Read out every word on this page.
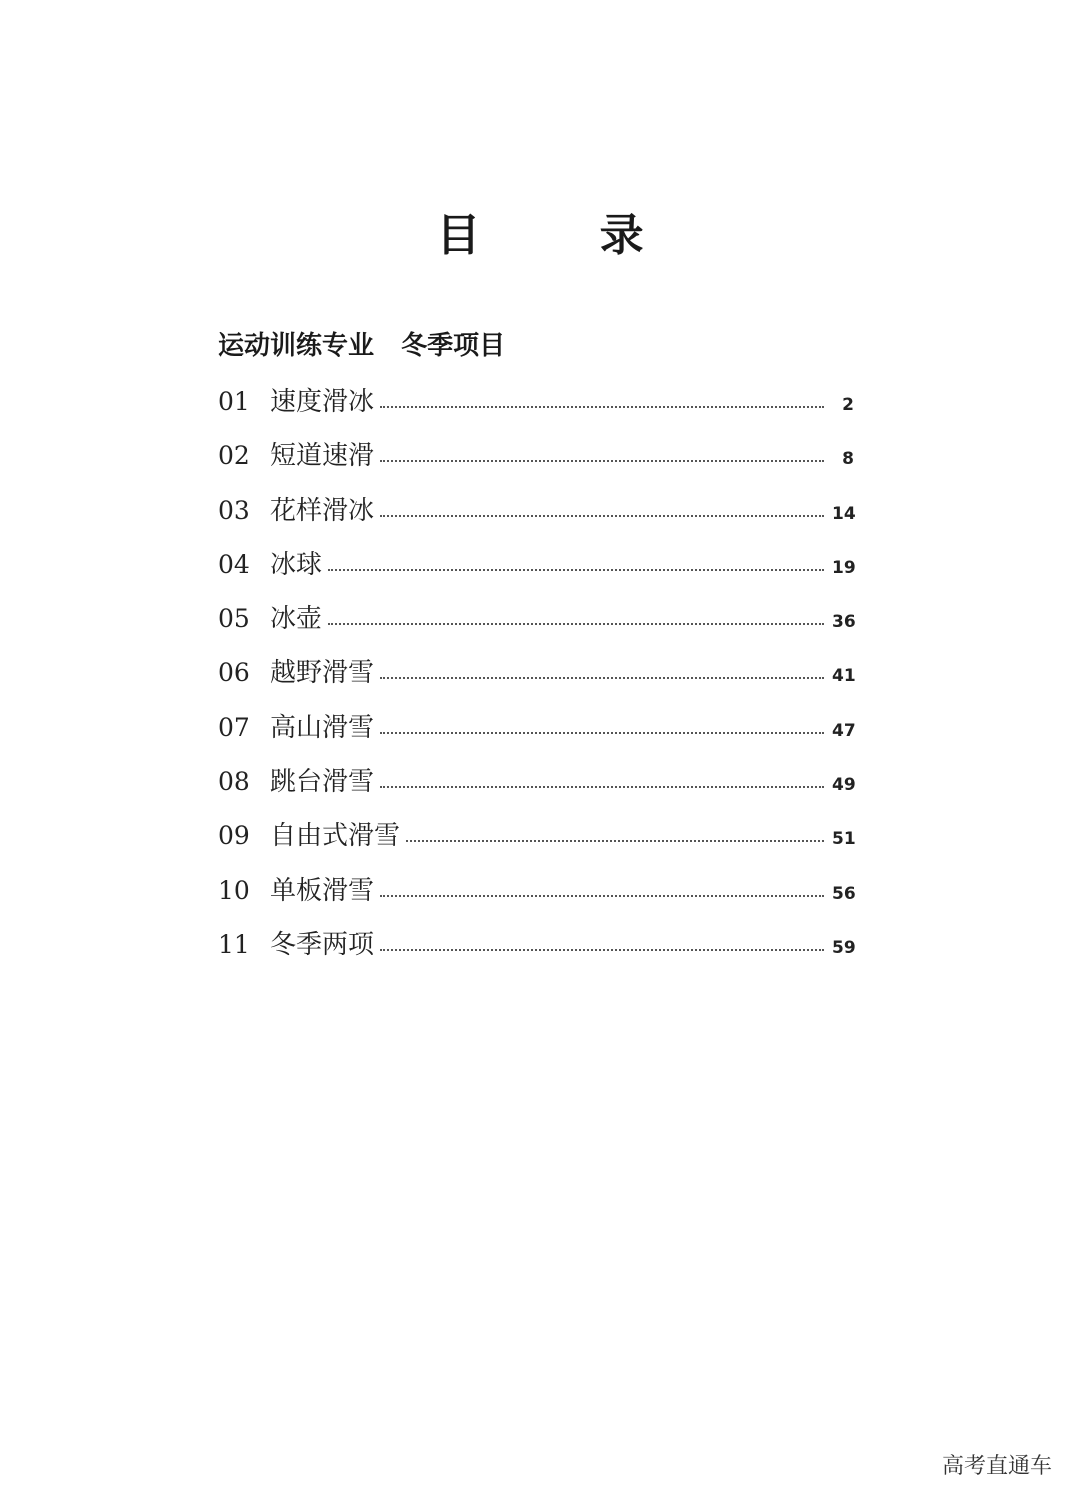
目 录
运动训练专业   冬季项目
01 速度滑冰	2
02 短道速滑	8
03 花样滑冰	14
04 冰球	19
05 冰壶	36
06 越野滑雪	41
07 高山滑雪	47
08 跳台滑雪	49
09 自由式滑雪	51
10 单板滑雪	56
11 冬季两项	59
高考直通车
